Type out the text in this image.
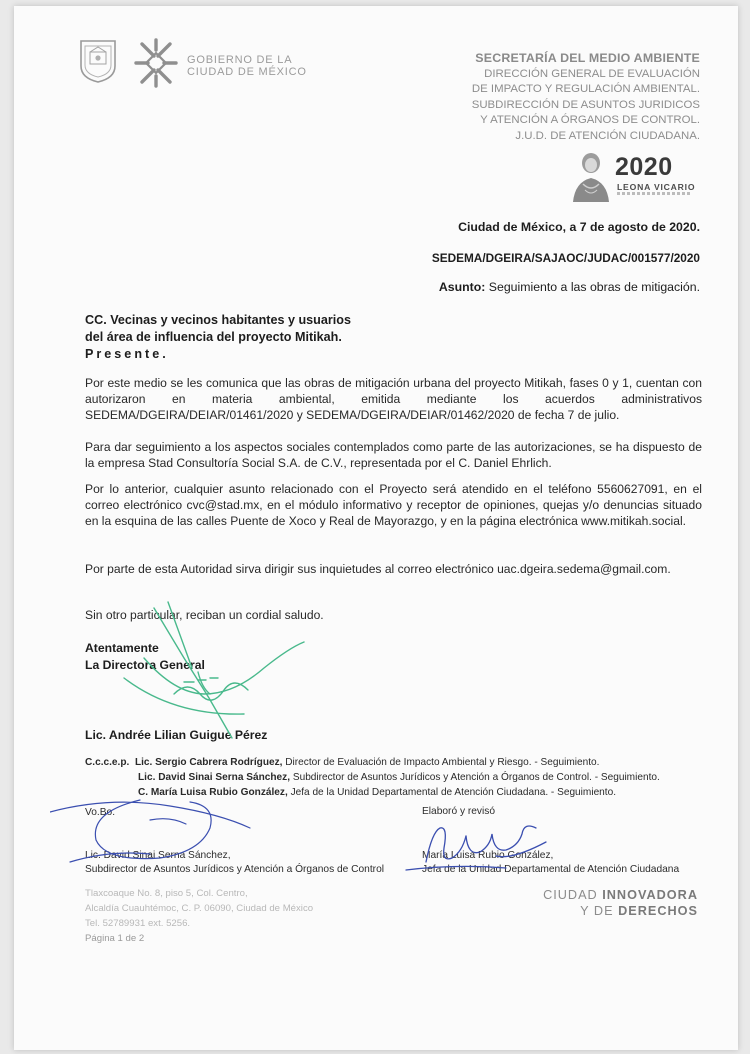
GOBIERNO DE LA
CIUDAD DE MÉXICO
SECRETARÍA DEL MEDIO AMBIENTE
DIRECCIÓN GENERAL DE EVALUACIÓN
DE IMPACTO Y REGULACIÓN AMBIENTAL.
SUBDIRECCIÓN DE ASUNTOS JURIDICOS
Y ATENCIÓN A ÓRGANOS DE CONTROL.
J.U.D. DE ATENCIÓN CIUDADANA.
2020
LEONA VICARIO
Ciudad de México, a 7 de agosto de 2020.
SEDEMA/DGEIRA/SAJAOC/JUDAC/001577/2020
Asunto: Seguimiento a las obras de mitigación.
CC. Vecinas y vecinos habitantes y usuarios
del área de influencia del proyecto Mitikah.
Presente.
Por este medio se les comunica que las obras de mitigación urbana del proyecto Mitikah, fases 0 y 1, cuentan con autorizaron en materia ambiental, emitida mediante los acuerdos administrativos SEDEMA/DGEIRA/DEIAR/01461/2020 y SEDEMA/DGEIRA/DEIAR/01462/2020 de fecha 7 de julio.
Para dar seguimiento a los aspectos sociales contemplados como parte de las autorizaciones, se ha dispuesto de la empresa Stad Consultoría Social S.A. de C.V., representada por el C. Daniel Ehrlich.
Por lo anterior, cualquier asunto relacionado con el Proyecto será atendido en el teléfono 5560627091, en el correo electrónico cvc@stad.mx, en el módulo informativo y receptor de opiniones, quejas y/o denuncias situado en la esquina de las calles Puente de Xoco y Real de Mayorazgo, y en la página electrónica www.mitikah.social.
Por parte de esta Autoridad sirva dirigir sus inquietudes al correo electrónico uac.dgeira.sedema@gmail.com.
Sin otro particular, reciban un cordial saludo.
Atentamente
La Directora General
Lic. Andrée Lilian Guigue Pérez
C.c.c.e.p. Lic. Sergio Cabrera Rodríguez, Director de Evaluación de Impacto Ambiental y Riesgo. - Seguimiento.
Lic. David Sinai Serna Sánchez, Subdirector de Asuntos Jurídicos y Atención a Órganos de Control. - Seguimiento.
C. María Luisa Rubio González, Jefa de la Unidad Departamental de Atención Ciudadana. - Seguimiento.
Vo.Bo.	Elaboró y revisó
Lic. David Sinai Serna Sánchez,
Subdirector de Asuntos Jurídicos y Atención a Órganos de Control
María Luisa Rubio González,
Jefa de la Unidad Departamental de Atención Ciudadana
Tlaxcoaque No. 8, piso 5, Col. Centro,
Alcaldía Cuauhtémoc, C. P. 06090, Ciudad de México
Tel. 52789931 ext. 5256.
Página 1 de 2
CIUDAD INNOVADORA
Y DE DERECHOS
